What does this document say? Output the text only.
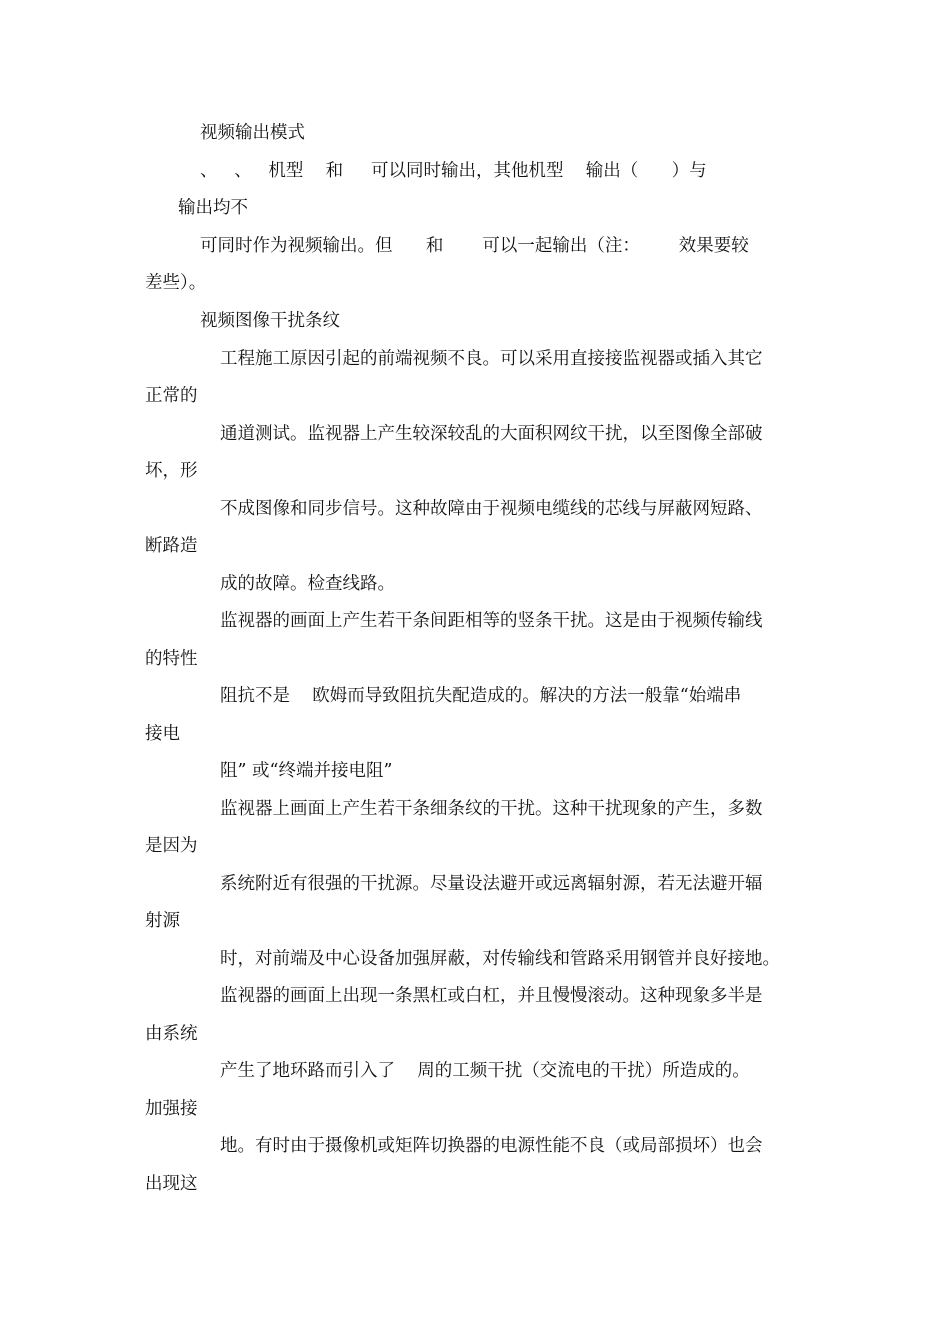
视频输出模式

、   、   机型    和     可以同时输出，其他机型    输出（      ）与

输出均不

可同时作为视频输出。但      和       可以一起输出（注：       效果要较

差些）。

视频图像干扰条纹

工程施工原因引起的前端视频不良。可以采用直接接监视器或插入其它

正常的

通道测试。监视器上产生较深较乱的大面积网纹干扰，以至图像全部破

坏，形

不成图像和同步信号。这种故障由于视频电缆线的芯线与屏蔽网短路、

断路造

成的故障。检查线路。

监视器的画面上产生若干条间距相等的竖条干扰。这是由于视频传输线

的特性

阻抗不是    欧姆而导致阻抗失配造成的。解决的方法一般靠“始端串

接电

阻” 或“终端并接电阻”

监视器上画面上产生若干条细条纹的干扰。这种干扰现象的产生，多数

是因为

系统附近有很强的干扰源。尽量设法避开或远离辐射源，若无法避开辐

射源

时，对前端及中心设备加强屏蔽，对传输线和管路采用钢管并良好接地。

监视器的画面上出现一条黑杠或白杠，并且慢慢滚动。这种现象多半是

由系统

产生了地环路而引入了    周的工频干扰（交流电的干扰）所造成的。

加强接

地。有时由于摄像机或矩阵切换器的电源性能不良（或局部损坏）也会

出现这
